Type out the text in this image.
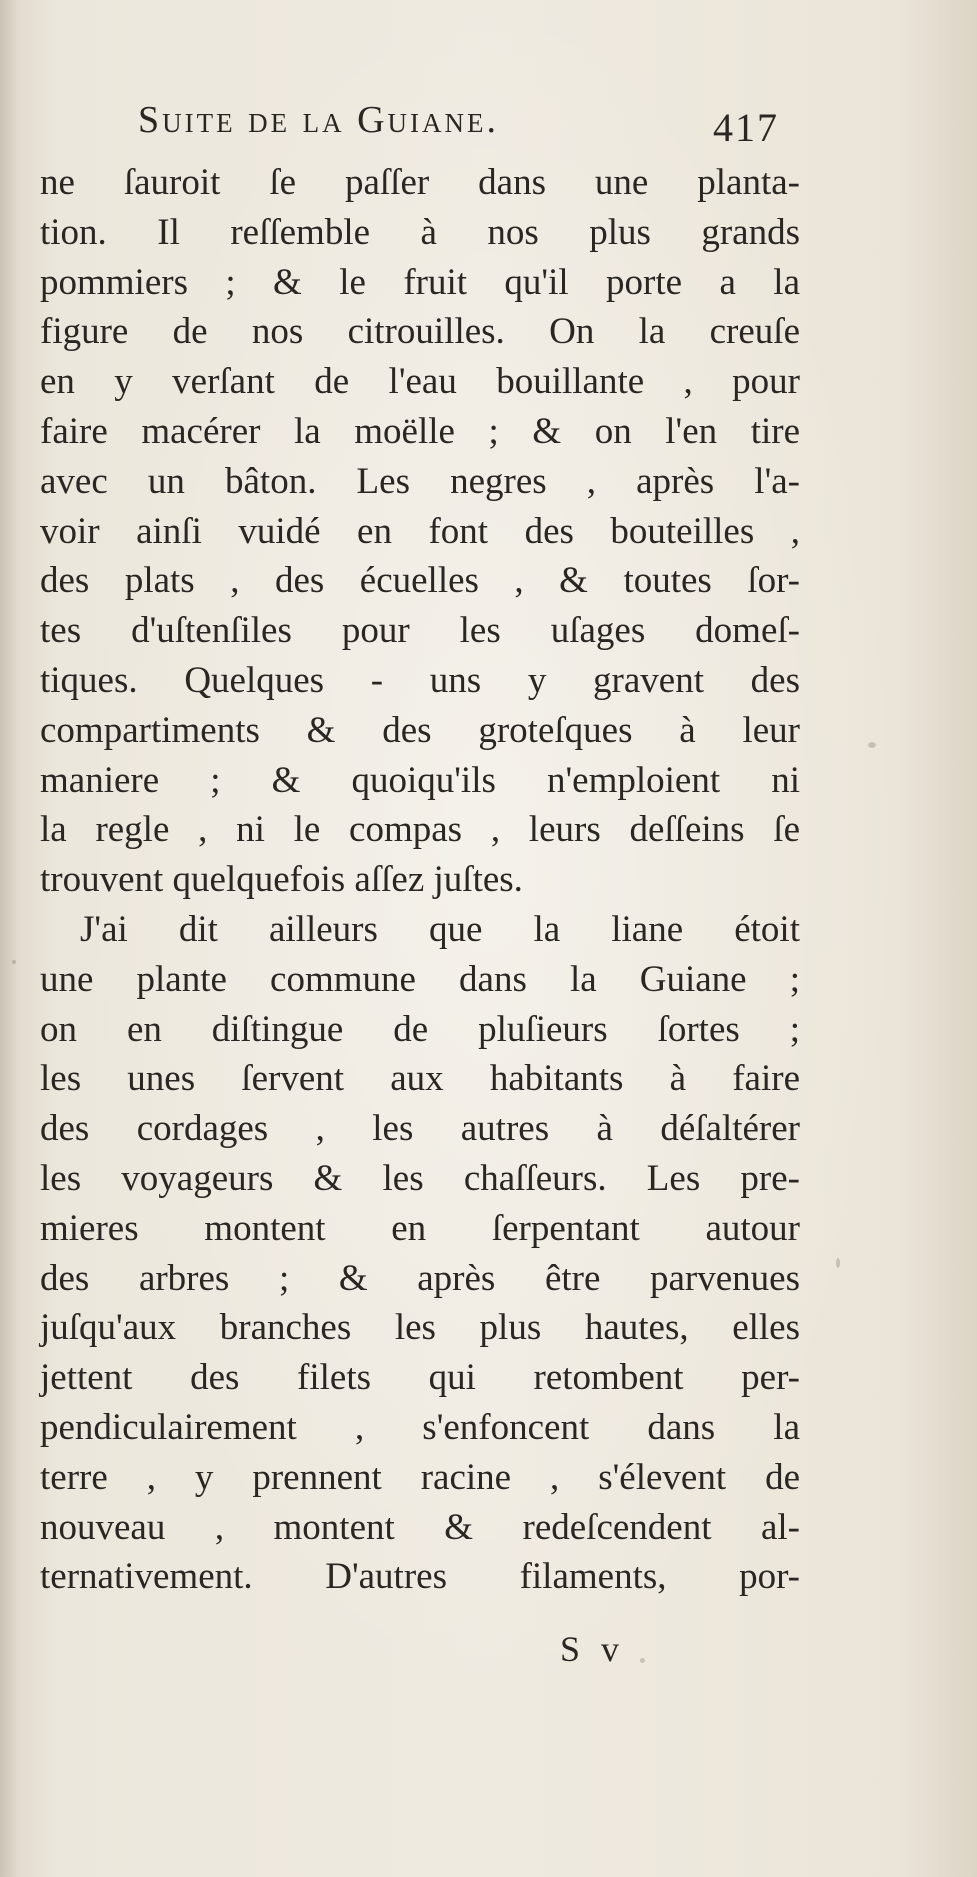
Suite de la Guiane.	417
ne ſauroit ſe paſſer dans une planta-
tion. Il reſſemble à nos plus grands
pommiers ; & le fruit qu'il porte a la
figure de nos citrouilles. On la creuſe
en y verſant de l'eau bouillante , pour
faire macérer la moëlle ; & on l'en tire
avec un bâton. Les negres , après l'a-
voir ainſi vuidé en font des bouteilles ,
des plats , des écuelles , & toutes ſor-
tes d'uſtenſiles pour les uſages domeſ-
tiques. Quelques - uns y gravent des
compartiments & des groteſques à leur
maniere ; & quoiqu'ils n'emploient ni
la regle , ni le compas , leurs deſſeins ſe
trouvent quelquefois aſſez juſtes.
J'ai dit ailleurs que la liane étoit
une plante commune dans la Guiane ;
on en diſtingue de pluſieurs ſortes ;
les unes ſervent aux habitants à faire
des cordages , les autres à déſaltérer
les voyageurs & les chaſſeurs. Les pre-
mieres montent en ſerpentant autour
des arbres ; & après être parvenues
juſqu'aux branches les plus hautes, elles
jettent des filets qui retombent per-
pendiculairement , s'enfoncent dans la
terre , y prennent racine , s'élevent de
nouveau , montent & redeſcendent al-
ternativement. D'autres filaments, por-
S v
